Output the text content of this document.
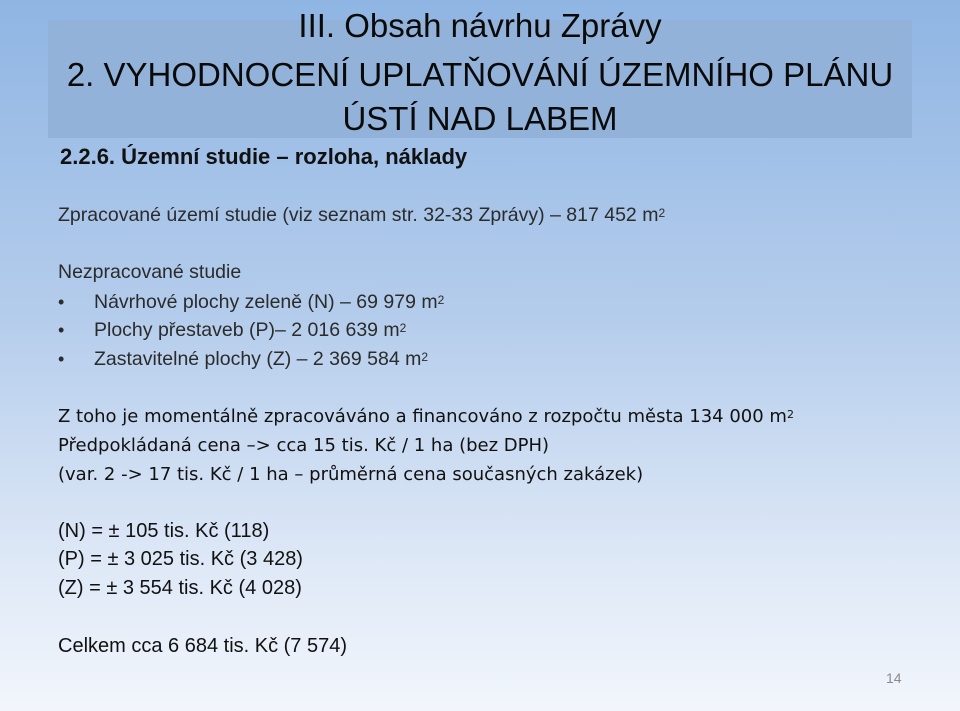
III. Obsah návrhu Zprávy
2. VYHODNOCENÍ UPLATŇOVÁNÍ ÚZEMNÍHO PLÁNU
ÚSTÍ NAD LABEM
2.2.6. Územní studie – rozloha, náklady
Zpracované území studie (viz seznam str. 32-33 Zprávy) – 817 452 $m^2$
Nezpracované studie
• Návrhové plochy zeleně (N) – 69 979 $m^2$
• Plochy přestaveb (P)– 2 016 639 $m^2$
• Zastavitelné plochy (Z) – 2 369 584 $m^2$
Z toho je momentálně zpracováváno a financováno z rozpočtu města 134 000 $m^2$
Předpokládaná cena –> cca 15 tis. Kč / 1 ha (bez DPH)
(var. 2 -> 17 tis. Kč / 1 ha – průměrná cena současných zakázek)
(N) = ± 105 tis. Kč (118)
(P) = ± 3 025 tis. Kč (3 428)
(Z) = ± 3 554 tis. Kč (4 028)
Celkem cca 6 684 tis. Kč (7 574)
14
